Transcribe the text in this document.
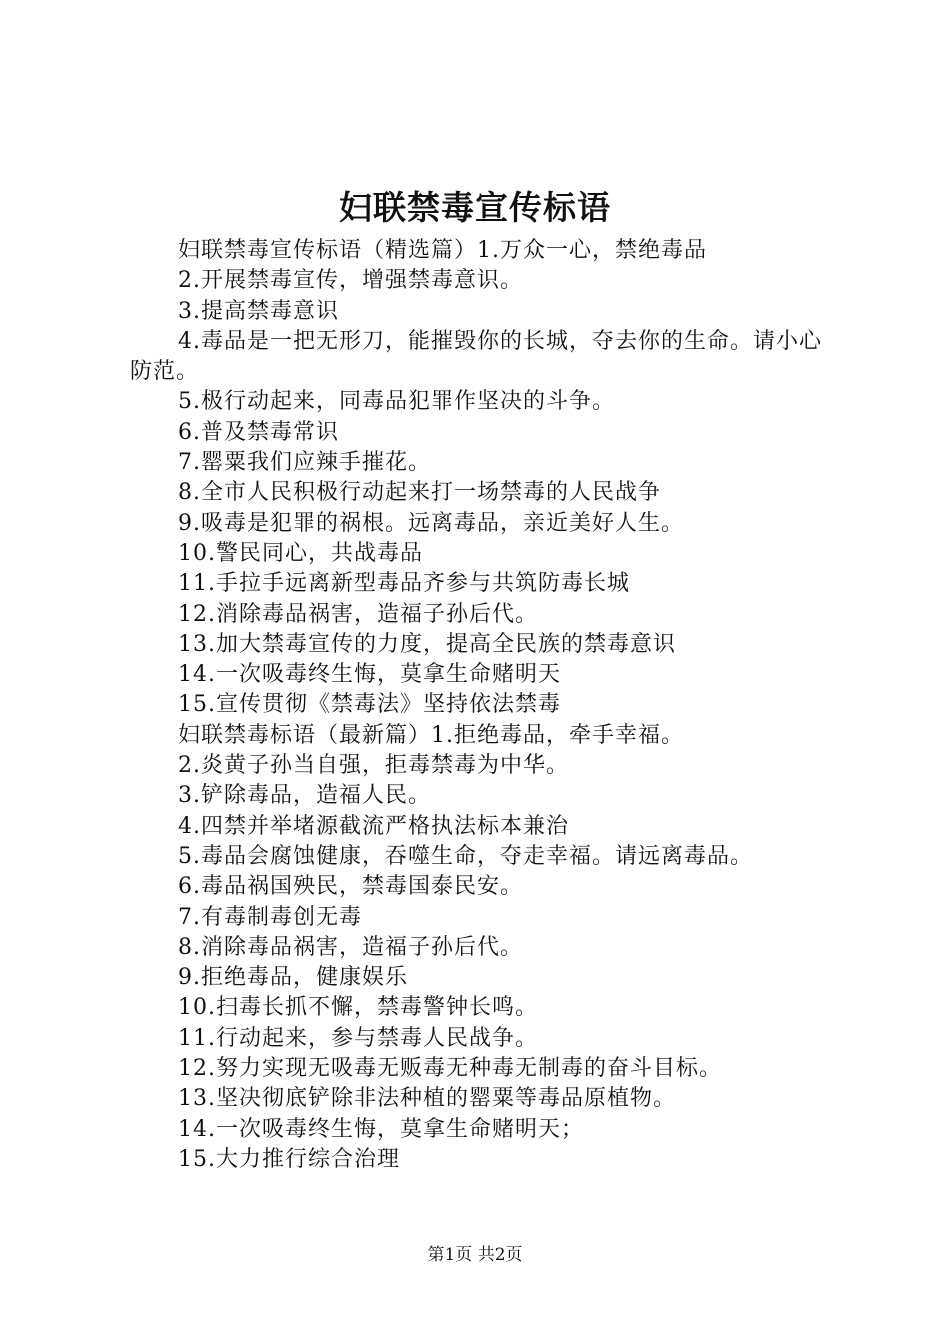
妇联禁毒宣传标语
妇联禁毒宣传标语（精选篇）1.万众一心，禁绝毒品
2.开展禁毒宣传，增强禁毒意识。
3.提高禁毒意识
4.毒品是一把无形刀，能摧毁你的长城，夺去你的生命。请小心防范。
5.极行动起来，同毒品犯罪作坚决的斗争。
6.普及禁毒常识
7.罂粟我们应辣手摧花。
8.全市人民积极行动起来打一场禁毒的人民战争
9.吸毒是犯罪的祸根。远离毒品，亲近美好人生。
10.警民同心，共战毒品
11.手拉手远离新型毒品齐参与共筑防毒长城
12.消除毒品祸害，造福子孙后代。
13.加大禁毒宣传的力度，提高全民族的禁毒意识
14.一次吸毒终生悔，莫拿生命赌明天
15.宣传贯彻《禁毒法》坚持依法禁毒
妇联禁毒标语（最新篇）1.拒绝毒品，牵手幸福。
2.炎黄子孙当自强，拒毒禁毒为中华。
3.铲除毒品，造福人民。
4.四禁并举堵源截流严格执法标本兼治
5.毒品会腐蚀健康，吞噬生命，夺走幸福。请远离毒品。
6.毒品祸国殃民，禁毒国泰民安。
7.有毒制毒创无毒
8.消除毒品祸害，造福子孙后代。
9.拒绝毒品，健康娱乐
10.扫毒长抓不懈，禁毒警钟长鸣。
11.行动起来，参与禁毒人民战争。
12.努力实现无吸毒无贩毒无种毒无制毒的奋斗目标。
13.坚决彻底铲除非法种植的罂粟等毒品原植物。
14.一次吸毒终生悔，莫拿生命赌明天；
15.大力推行综合治理
第1页 共2页
